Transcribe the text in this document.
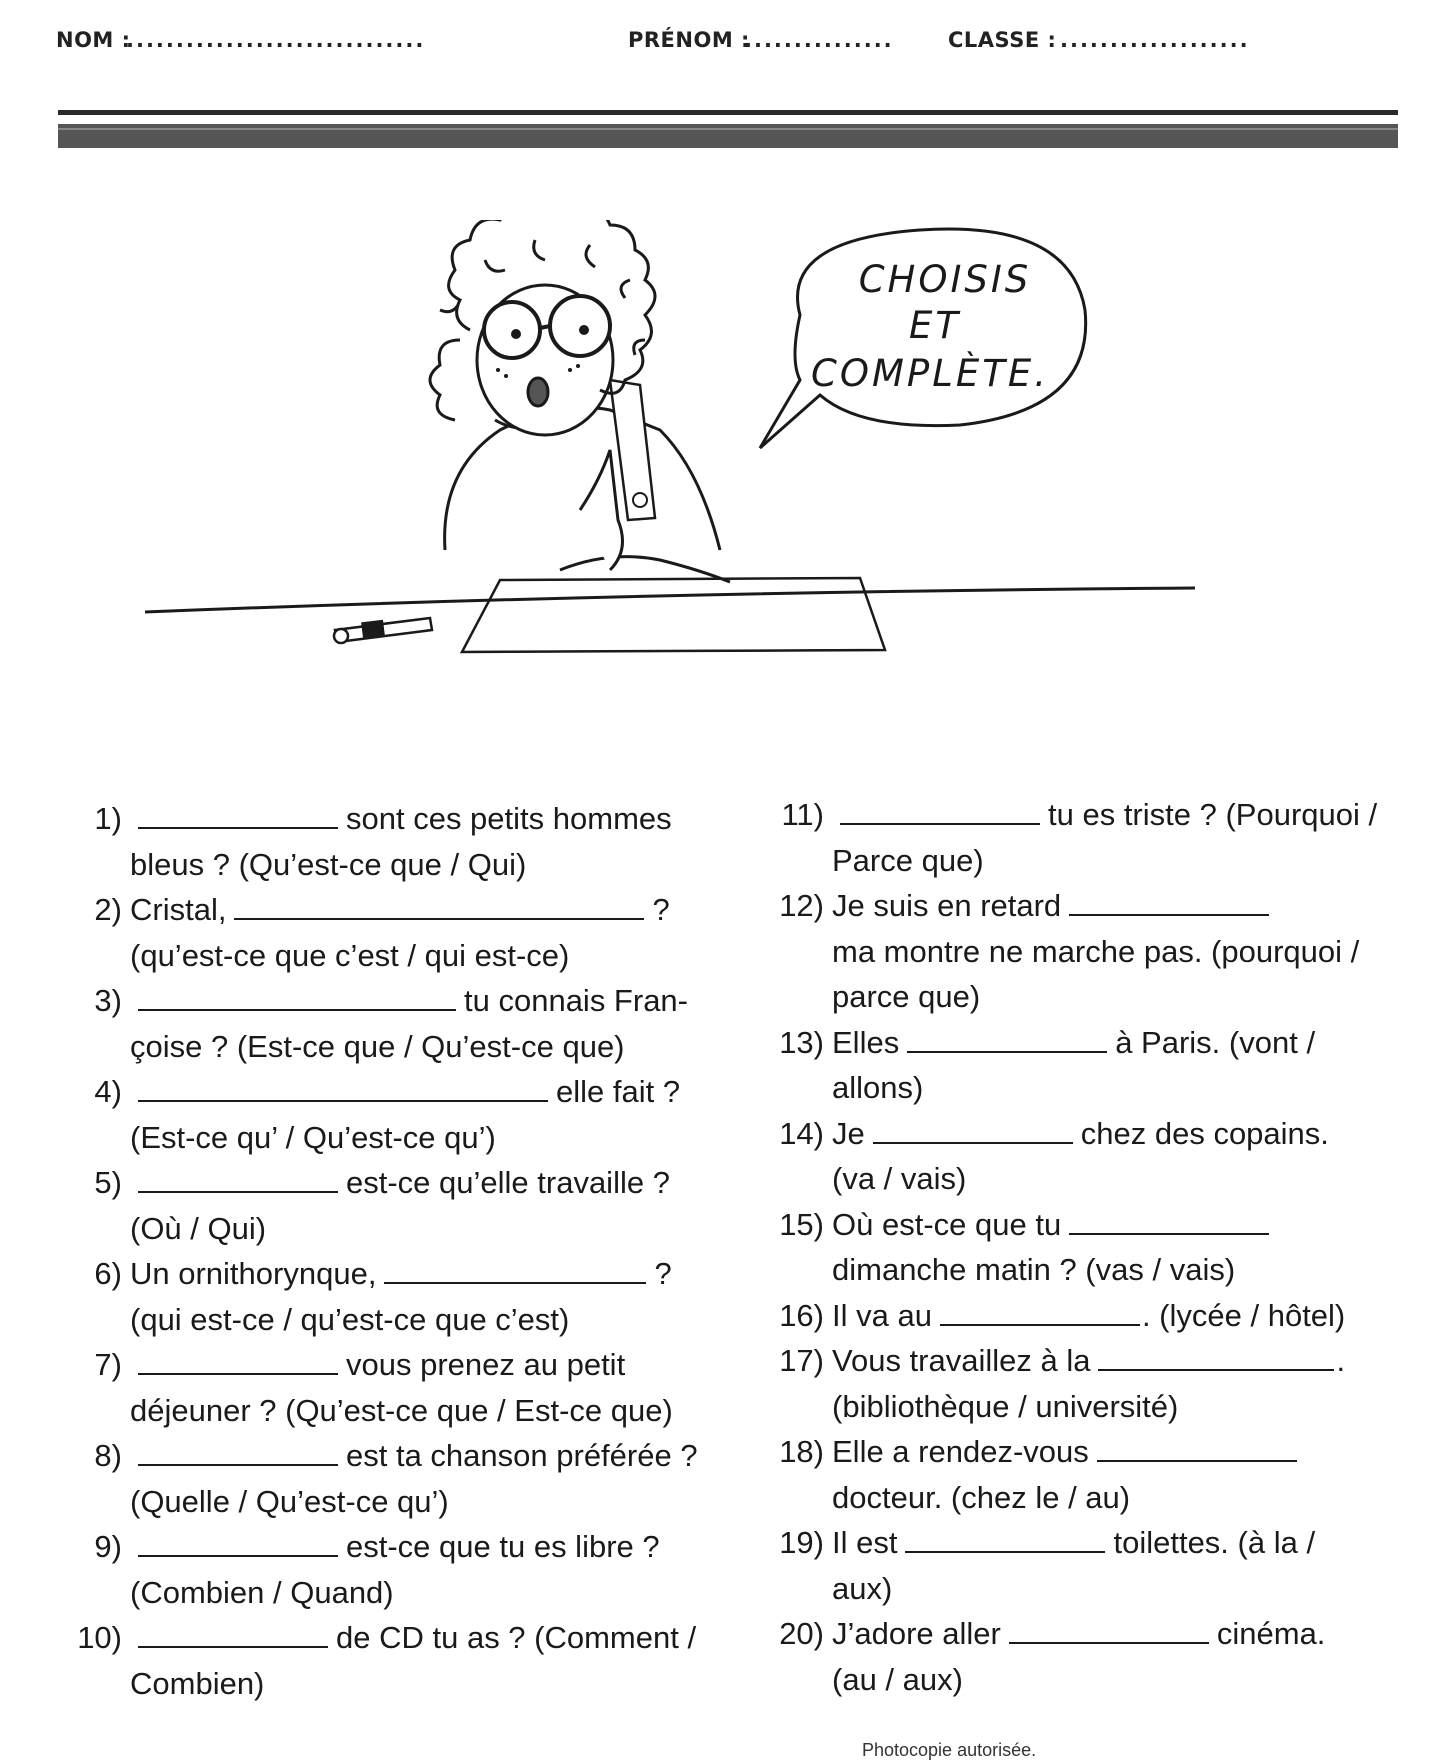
NOM :
..............................	PRÉNOM :
...............	CLASSE : ...................
CHOISIS
ET
COMPLÈTE.
1)	sont ces petits hommes
bleus ? (Qu’est-ce que / Qui)
2) Cristal,	?
(qu’est-ce que c’est / qui est-ce)
3)	tu connais Fran-
çoise ? (Est-ce que / Qu’est-ce que)
4)	elle fait ?
(Est-ce qu’ / Qu’est-ce qu’)
5)	est-ce qu’elle travaille ?
(Où / Qui)
6) Un ornithorynque,	?
(qui est-ce / qu’est-ce que c’est)
7)	vous prenez au petit
déjeuner ? (Qu’est-ce que / Est-ce que)
8)	est ta chanson préférée ?
(Quelle / Qu’est-ce qu’)
9)	est-ce que tu es libre ?
(Combien / Quand)
10)	de CD tu as ? (Comment /
Combien)
11)	tu es triste ? (Pourquoi /
Parce que)
12) Je suis en retard
ma montre ne marche pas. (pourquoi /
parce que)
13) Elles	à Paris. (vont /
allons)
14) Je	chez des copains.
(va / vais)
15) Où est-ce que tu
dimanche matin ? (vas / vais)
16) Il va au	. (lycée / hôtel)
17) Vous travaillez à la	.
(bibliothèque / université)
18) Elle a rendez-vous
docteur. (chez le / au)
19) Il est	toilettes. (à la /
aux)
20) J’adore aller	cinéma.
(au / aux)
Photocopie autorisée.
